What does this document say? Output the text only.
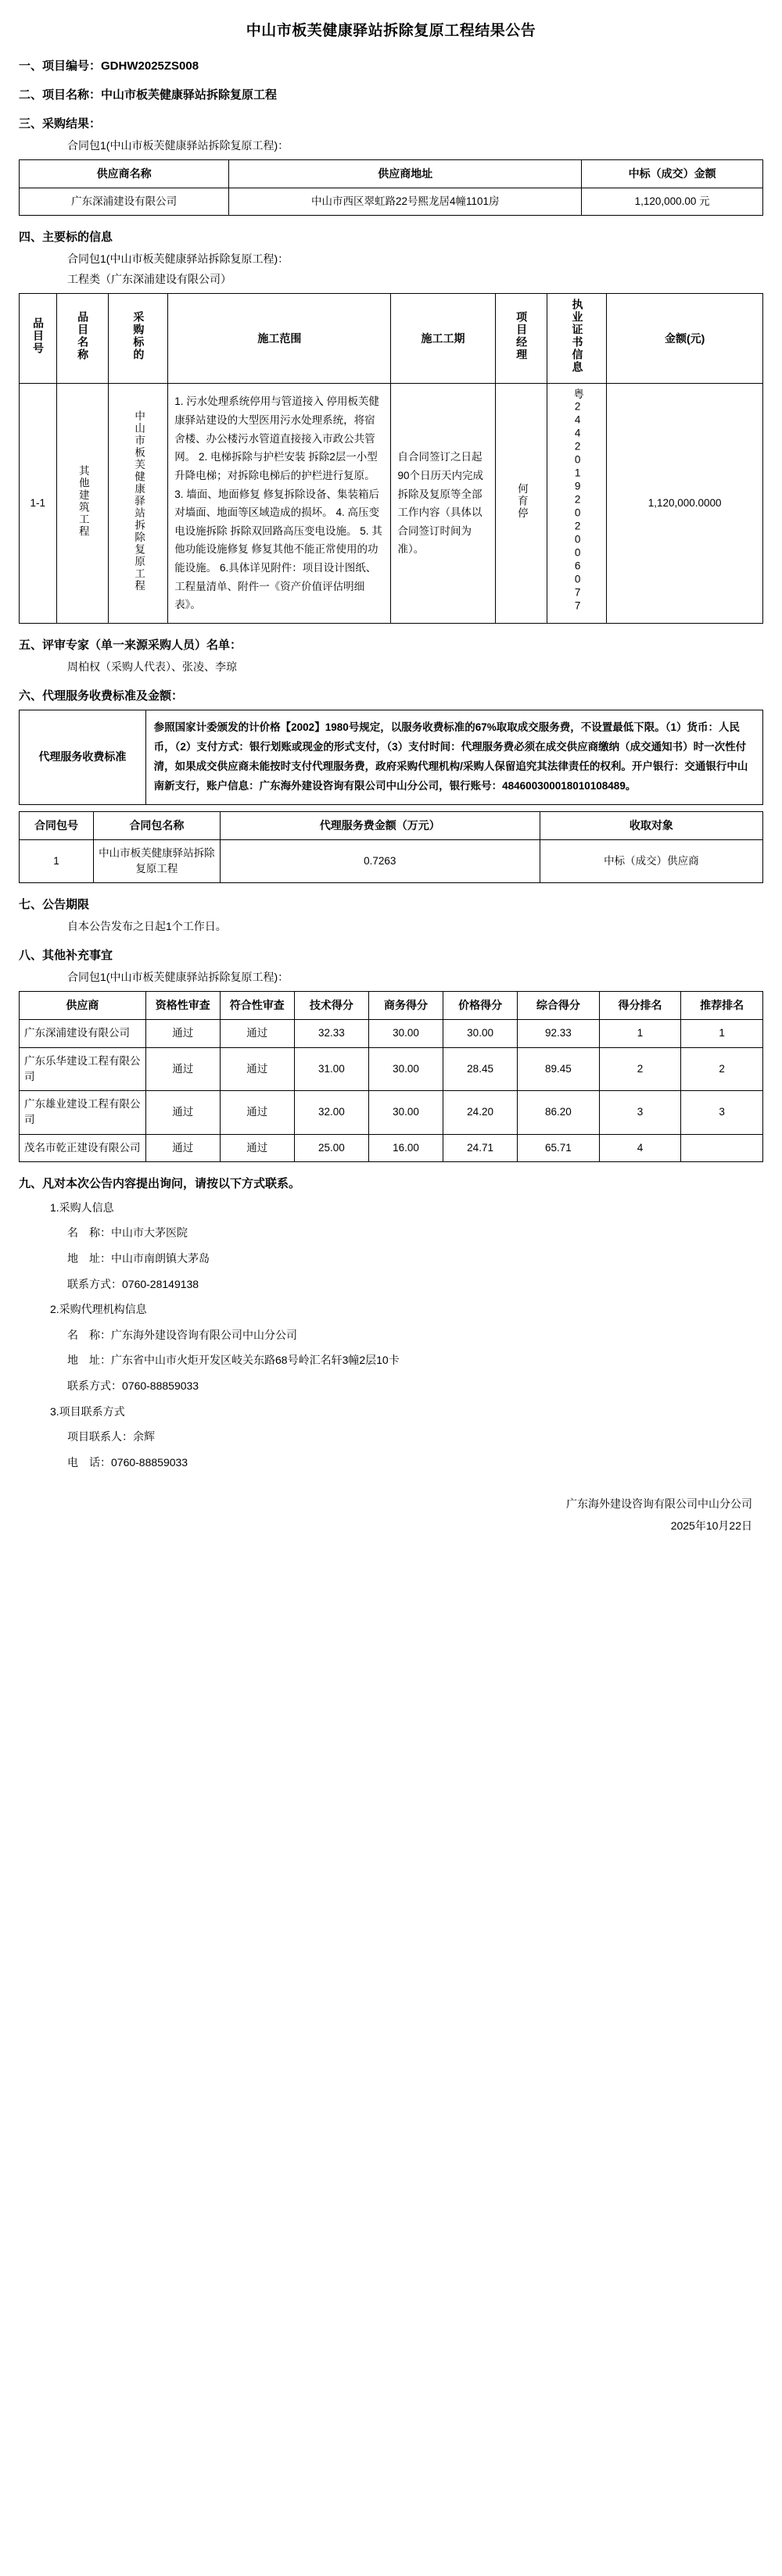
中山市板芙健康驿站拆除复原工程结果公告
一、项目编号：GDHW2025ZS008
二、项目名称：中山市板芙健康驿站拆除复原工程
三、采购结果：
合同包1(中山市板芙健康驿站拆除复原工程)：
供应商名称	供应商地址	中标（成交）金额
广东深浦建设有限公司	中山市西区翠虹路22号熙龙居4幢1101房	1,120,000.00 元
四、主要标的信息
合同包1(中山市板芙健康驿站拆除复原工程)：
工程类（广东深浦建设有限公司）
品目号	品目名称	采购标的	施工范围	施工工期	项目经理	执业证书信息	金额(元)
1-1	其他建筑工程	中山市板芙健康驿站拆除复原工程	1. 污水处理系统停用与管道接入 停用板芙健康驿站建设的大型医用污水处理系统，将宿舍楼、办公楼污水管道直接接入市政公共管网。 2. 电梯拆除与护栏安装 拆除2层一小型升降电梯；对拆除电梯后的护栏进行复原。 3. 墙面、地面修复 修复拆除设备、集装箱后对墙面、地面等区域造成的损坏。 4. 高压变电设施拆除 拆除双回路高压变电设施。 5. 其他功能设施修复 修复其他不能正常使用的功能设施。 6.具体详见附件：项目设计图纸、工程量清单、附件一《资产价值评估明细表》。	自合同签订之日起90个日历天内完成拆除及复原等全部工作内容（具体以合同签订时间为准）。	何育停	粤2442019202006077	1,120,000.0000
五、评审专家（单一来源采购人员）名单：
周柏权（采购人代表）、张凌、李琼
六、代理服务收费标准及金额：
代理服务收费标准	参照国家计委颁发的计价格【2002】1980号规定，以服务收费标准的67%取取成交服务费，不设置最低下限。（1）货币：人民币，（2）支付方式：银行划账或现金的形式支付，（3）支付时间：代理服务费必须在成交供应商缴纳（成交通知书）时一次性付清，如果成交供应商未能按时支付代理服务费，政府采购代理机构/采购人保留追究其法律责任的权利。开户银行：交通银行中山南新支行，账户信息：广东海外建设咨询有限公司中山分公司，银行账号：484600300018010108489。
合同包号	合同包名称	代理服务费金额（万元）	收取对象
1	中山市板芙健康驿站拆除复原工程	0.7263	中标（成交）供应商
七、公告期限
自本公告发布之日起1个工作日。
八、其他补充事宜
合同包1(中山市板芙健康驿站拆除复原工程)：
供应商	资格性审查	符合性审查	技术得分	商务得分	价格得分	综合得分	得分排名	推荐排名
广东深浦建设有限公司	通过	通过	32.33	30.00	30.00	92.33	1	1
广东乐华建设工程有限公司	通过	通过	31.00	30.00	28.45	89.45	2	2
广东雄业建设工程有限公司	通过	通过	32.00	30.00	24.20	86.20	3	3
茂名市乾正建设有限公司	通过	通过	25.00	16.00	24.71	65.71	4	
九、凡对本次公告内容提出询问，请按以下方式联系。
1.采购人信息
名　称：中山市大茅医院
地　址：中山市南朗镇大茅岛
联系方式：0760-28149138
2.采购代理机构信息
名　称：广东海外建设咨询有限公司中山分公司
地　址：广东省中山市火炬开发区岐关东路68号岭汇名轩3幢2层10卡
联系方式：0760-88859033
3.项目联系方式
项目联系人：余辉
电　话：0760-88859033
广东海外建设咨询有限公司中山分公司
2025年10月22日
